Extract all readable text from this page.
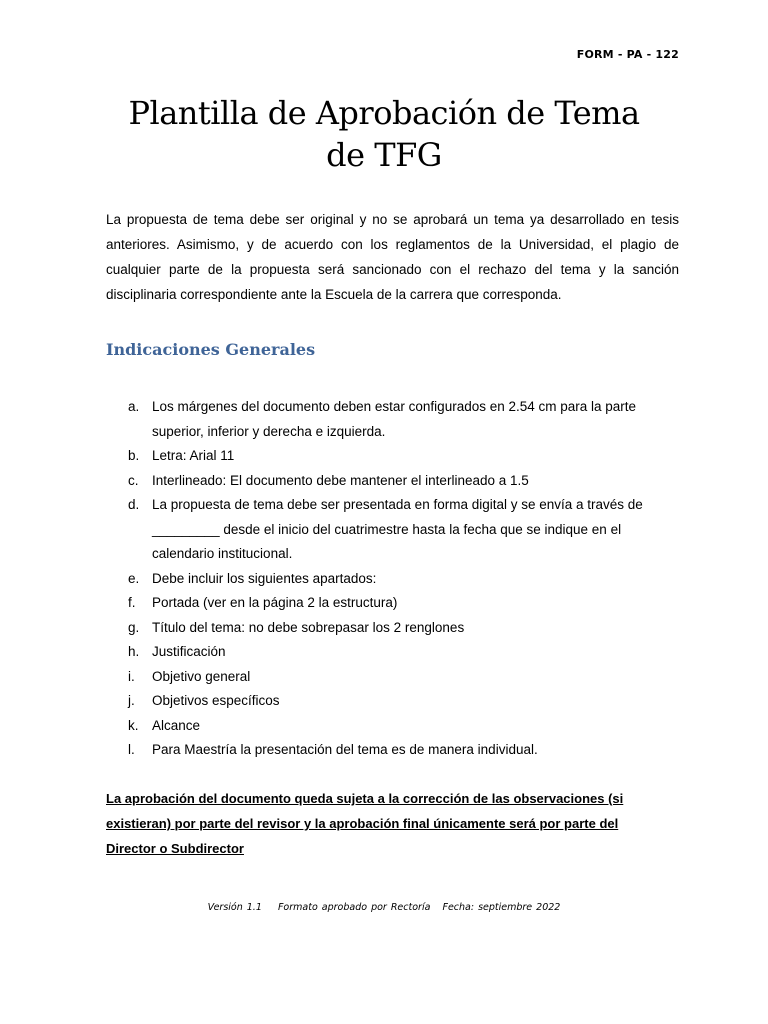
FORM - PA - 122
Plantilla de Aprobación de Tema de TFG

La propuesta de tema debe ser original y no se aprobará un tema ya desarrollado en tesis anteriores. Asimismo, y de acuerdo con los reglamentos de la Universidad, el plagio de cualquier parte de la propuesta será sancionado con el rechazo del tema y la sanción disciplinaria correspondiente ante la Escuela de la carrera que corresponda.

Indicaciones Generales
a. Los márgenes del documento deben estar configurados en 2.54 cm para la parte superior, inferior y derecha e izquierda.
b. Letra: Arial 11
c. Interlineado: El documento debe mantener el interlineado a 1.5
d. La propuesta de tema debe ser presentada en forma digital y se envía a través de _________ desde el inicio del cuatrimestre hasta la fecha que se indique en el calendario institucional.
e. Debe incluir los siguientes apartados:
f. Portada (ver en la página 2 la estructura)
g. Título del tema: no debe sobrepasar los 2 renglones
h. Justificación
i. Objetivo general
j. Objetivos específicos
k. Alcance
l. Para Maestría la presentación del tema es de manera individual.

La aprobación del documento queda sujeta a la corrección de las observaciones (si existieran) por parte del revisor y la aprobación final únicamente será por parte del Director o Subdirector

Versión 1.1 Formato aprobado por Rectoría Fecha: septiembre 2022
